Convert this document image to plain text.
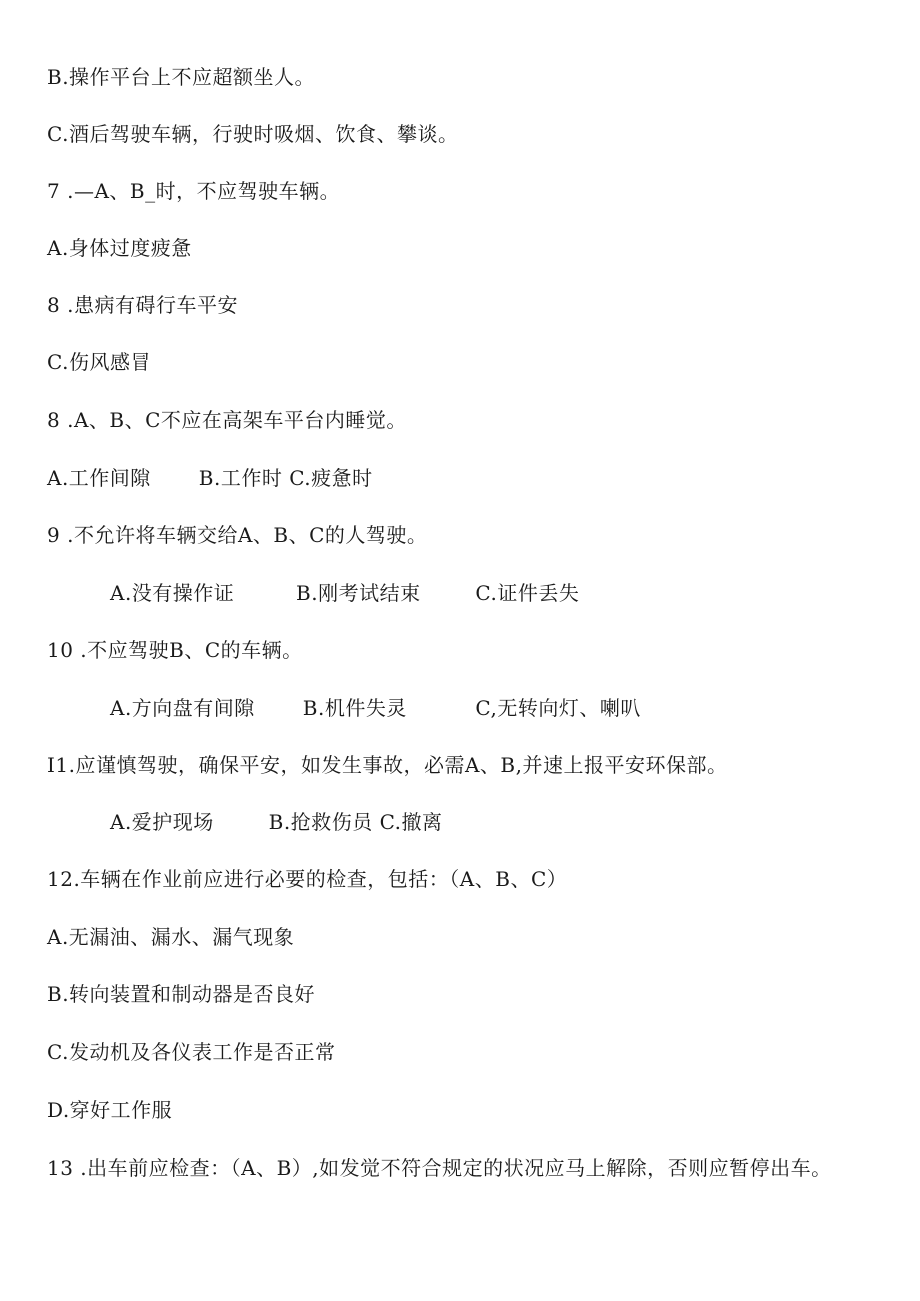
B.操作平台上不应超额坐人。
C.酒后驾驶车辆，行驶时吸烟、饮食、攀谈。
7 .—A、B_时，不应驾驶车辆。
A.身体过度疲惫
8 .患病有碍行车平安
C.伤风感冒
8 .A、B、C不应在高架车平台内睡觉。
A.工作间隙       B.工作时 C.疲惫时
9 .不允许将车辆交给A、B、C的人驾驶。
A.没有操作证         B.刚考试结束        C.证件丢失
10 .不应驾驶B、C的车辆。
A.方向盘有间隙       B.机件失灵          C,无转向灯、喇叭
I1.应谨慎驾驶，确保平安，如发生事故，必需A、B,并速上报平安环保部。
A.爱护现场        B.抢救伤员 C.撤离
12.车辆在作业前应进行必要的检查，包括：（A、B、C）
A.无漏油、漏水、漏气现象
B.转向装置和制动器是否良好
C.发动机及各仪表工作是否正常
D.穿好工作服
13 .出车前应检查：（A、B）,如发觉不符合规定的状况应马上解除，否则应暂停出车。
